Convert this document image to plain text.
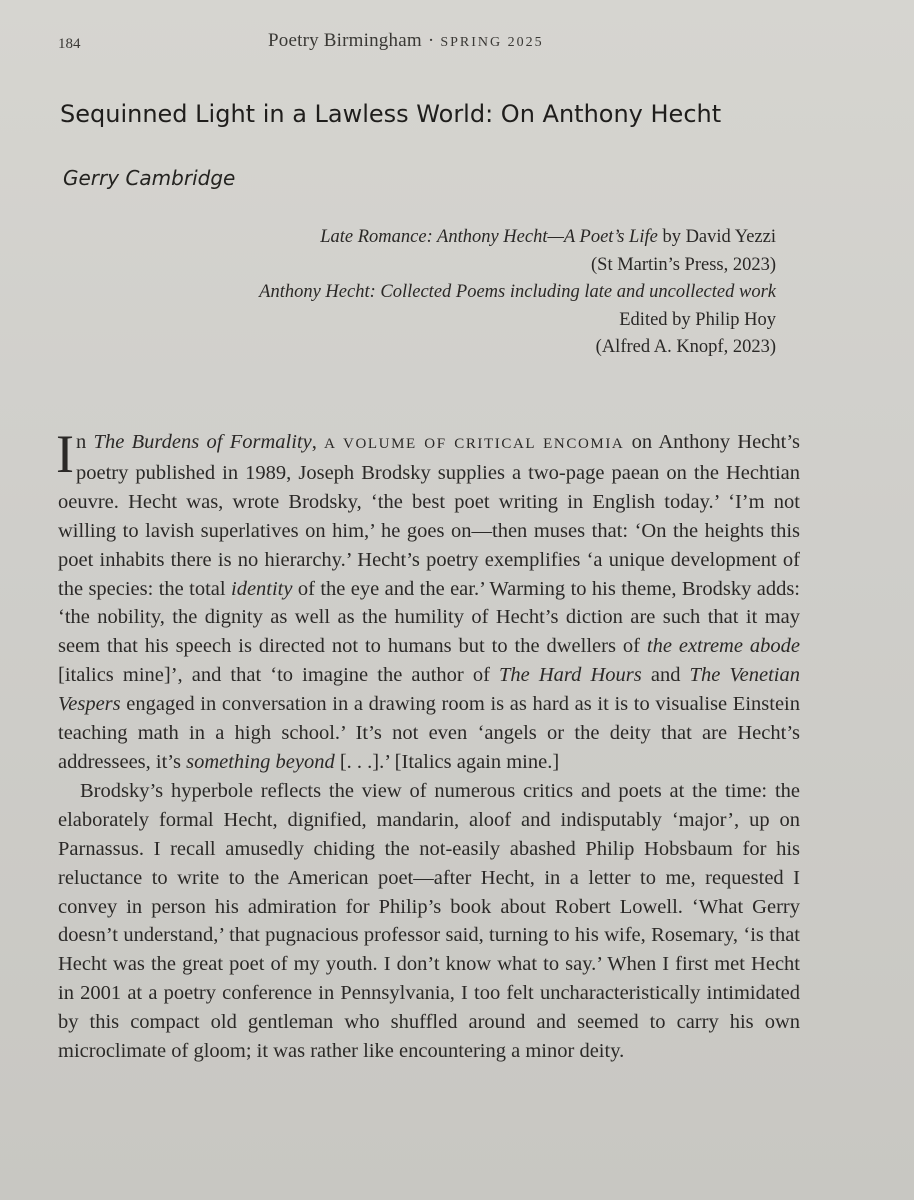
184	Poetry Birmingham · SPRING 2025
Sequinned Light in a Lawless World: On Anthony Hecht
Gerry Cambridge
Late Romance: Anthony Hecht—A Poet’s Life by David Yezzi
(St Martin’s Press, 2023)
Anthony Hecht: Collected Poems including late and uncollected work
Edited by Philip Hoy
(Alfred A. Knopf, 2023)

In The Burdens of Formality, A VOLUME OF CRITICAL ENCOMIA on Anthony Hecht’s poetry published in 1989, Joseph Brodsky supplies a two-page paean on the Hechtian oeuvre. Hecht was, wrote Brodsky, ‘the best poet writing in English today.’ ‘I’m not willing to lavish superlatives on him,’ he goes on—then muses that: ‘On the heights this poet inhabits there is no hierarchy.’ Hecht’s poetry exemplifies ‘a unique development of the species: the total identity of the eye and the ear.’ Warming to his theme, Brodsky adds: ‘the nobility, the dignity as well as the humility of Hecht’s diction are such that it may seem that his speech is directed not to humans but to the dwellers of the extreme abode [italics mine]’, and that ‘to imagine the author of The Hard Hours and The Venetian Vespers engaged in conversation in a drawing room is as hard as it is to visualise Einstein teaching math in a high school.’ It’s not even ‘angels or the deity that are Hecht’s addressees, it’s something beyond [. . .].’ [Italics again mine.]

Brodsky’s hyperbole reflects the view of numerous critics and poets at the time: the elaborately formal Hecht, dignified, mandarin, aloof and indisputably ‘major’, up on Parnassus. I recall amusedly chiding the not-easily abashed Philip Hobsbaum for his reluctance to write to the American poet—after Hecht, in a letter to me, requested I convey in person his admiration for Philip’s book about Robert Lowell. ‘What Gerry doesn’t understand,’ that pugnacious professor said, turning to his wife, Rosemary, ‘is that Hecht was the great poet of my youth. I don’t know what to say.’ When I first met Hecht in 2001 at a poetry conference in Pennsylvania, I too felt uncharacteristically intimidated by this compact old gentleman who shuffled around and seemed to carry his own microclimate of gloom; it was rather like encountering a minor deity.
